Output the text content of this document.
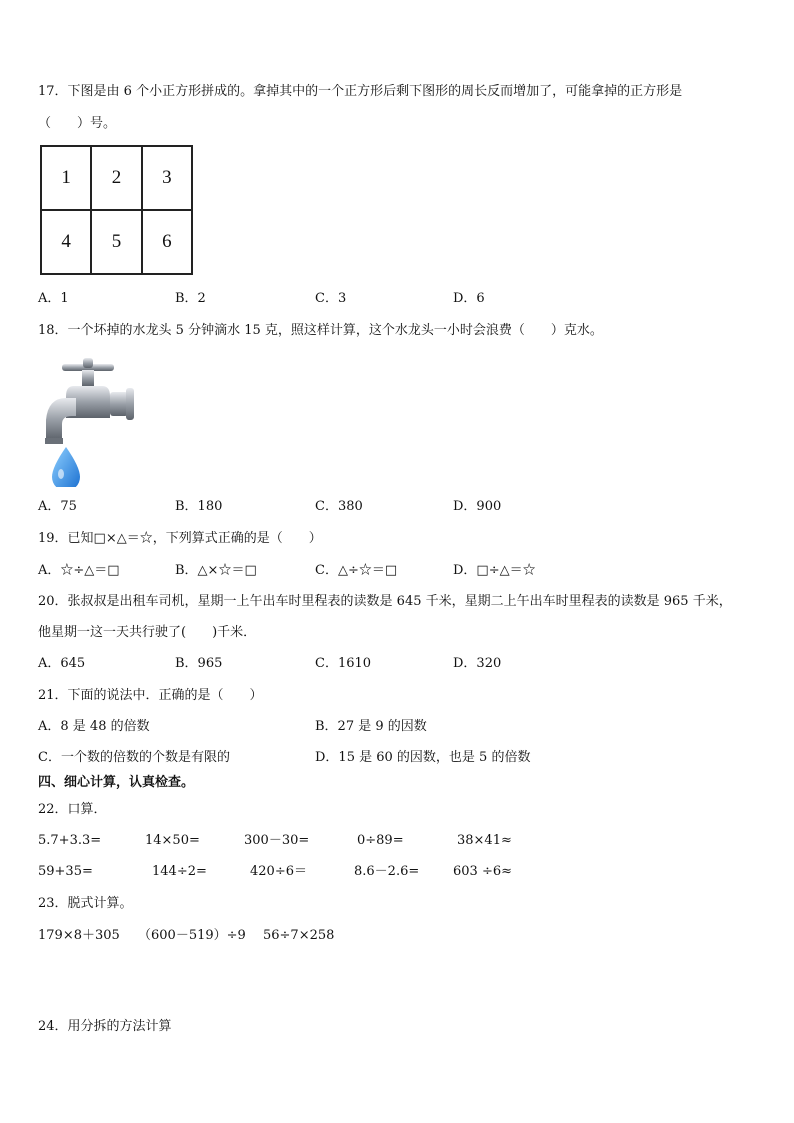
17．下图是由 6 个小正方形拼成的。拿掉其中的一个正方形后剩下图形的周长反而增加了，可能拿掉的正方形是
（　　）号。
1	2	3
4	5	6
A．1	B．2	C．3	D．6
18．一个坏掉的水龙头 5 分钟滴水 15 克，照这样计算，这个水龙头一小时会浪费（　　）克水。
A．75	B．180	C．380	D．900
19．已知□×△＝☆，下列算式正确的是（　　）
A．☆÷△＝□	B．△×☆＝□	C．△÷☆＝□	D．□÷△＝☆
20．张叔叔是出租车司机，星期一上午出车时里程表的读数是 645 千米，星期二上午出车时里程表的读数是 965 千米，
他星期一这一天共行驶了(　　)千米．
A．645	B．965	C．1610	D．320
21．下面的说法中．正确的是（　　）
A．8 是 48 的倍数	B．27 是 9 的因数
C．一个数的倍数的个数是有限的	D．15 是 60 的因数，也是 5 的倍数
四、细心计算，认真检查。
22．口算．
5.7+3.3=	14×50=	300－30=	0÷89=	38×41≈
59+35=	144÷2=	420÷6＝	8.6－2.6=	603 ÷6≈
23．脱式计算。
179×8＋305 （600－519）÷9 56÷7×258
24．用分拆的方法计算
